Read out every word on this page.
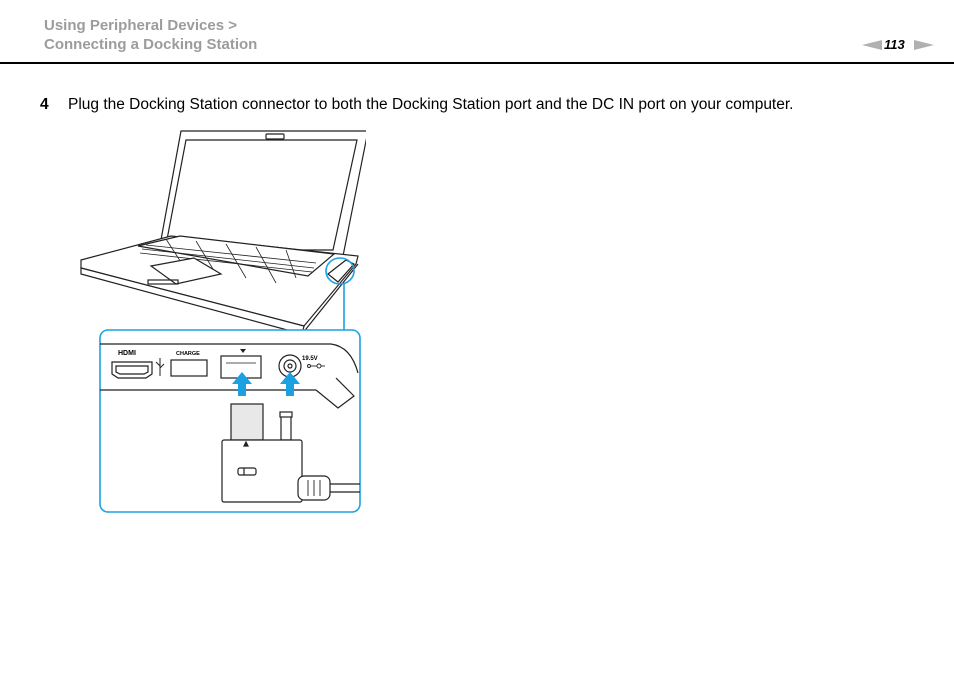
Using Peripheral Devices >
Connecting a Docking Station	113
4 Plug the Docking Station connector to both the Docking Station port and the DC IN port on your computer.
HDMI	CHARGE
19.5V
